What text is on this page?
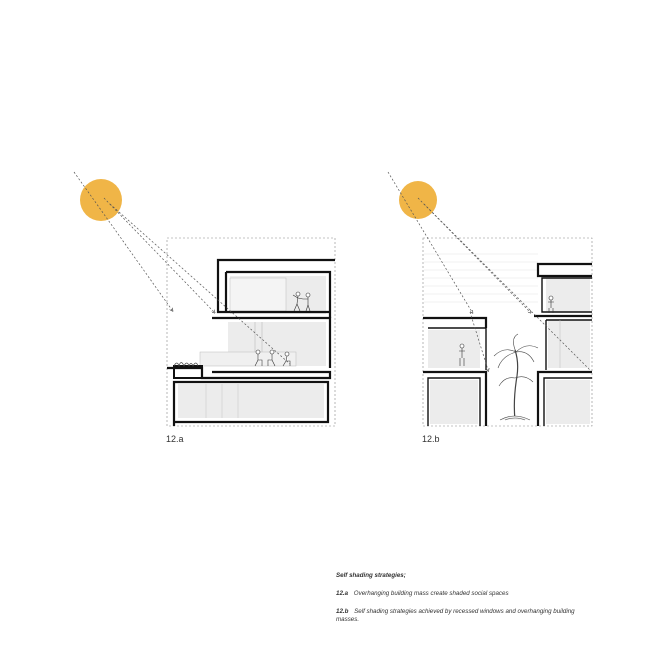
12.a	12.b

Self shading strategies;

12.a Overhanging building mass create shaded social spaces

12.b Self shading strategies achieved by recessed windows and overhanging building masses.
